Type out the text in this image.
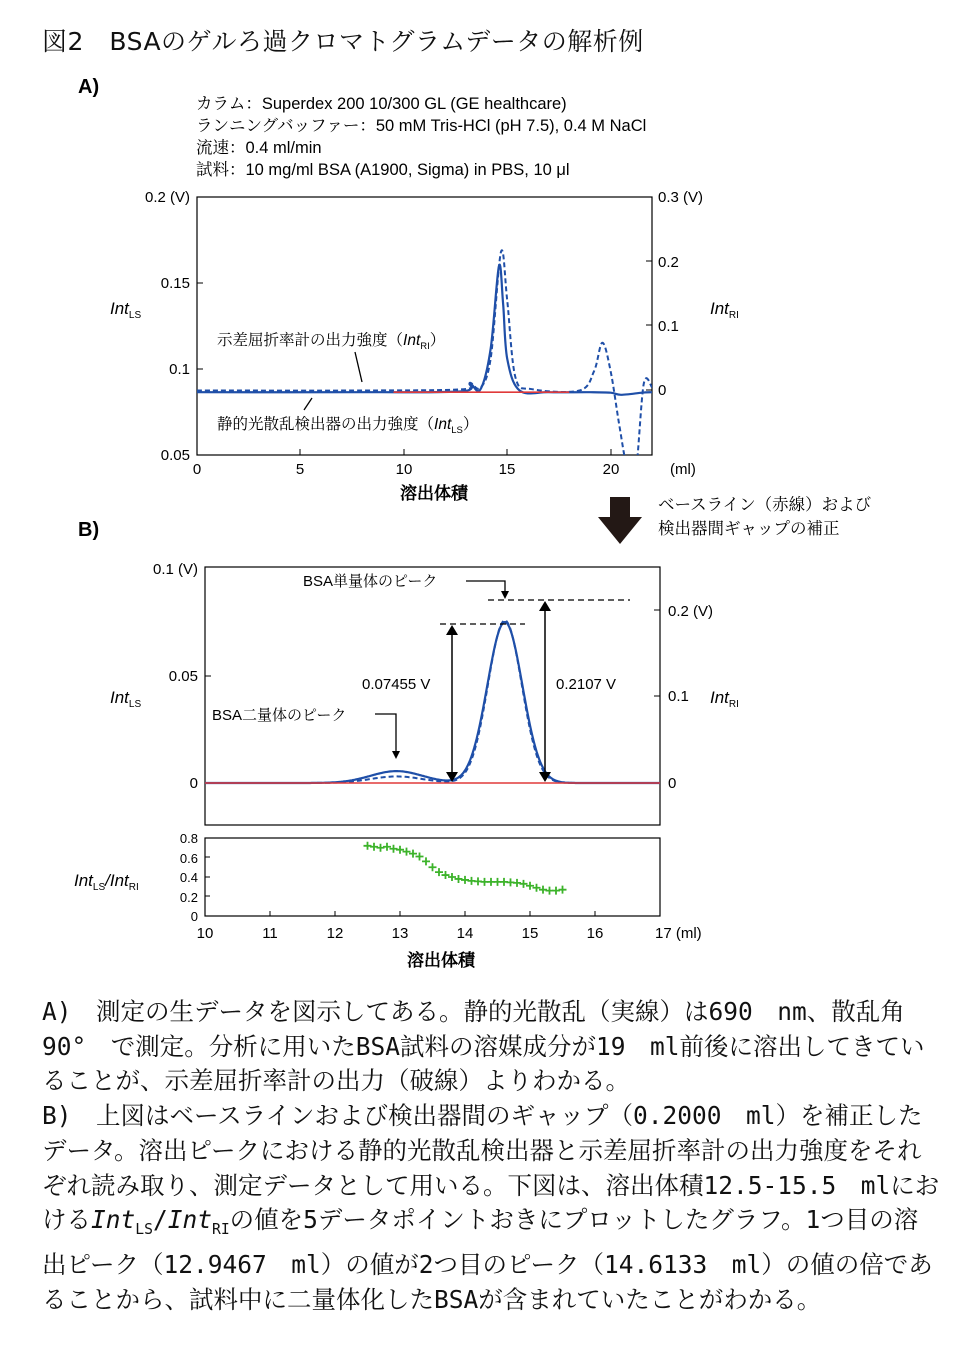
図2　BSAのゲルろ過クロマトグラムデータの解析例
A)
カラム：Superdex 200 10/300 GL (GE healthcare)
ランニングバッファー：50 mM Tris-HCl (pH 7.5), 0.4 M NaCl
流速：0.4 ml/min
試料：10 mg/ml BSA (A1900, Sigma) in PBS, 10 μl
0.2 (V)
0.15
0.1
0.05
0.3 (V)
0.2
0.1
0
0	5	10	15	20	(ml)
溶出体積
Int$_{LS}$	Int$_{RI}$
示差屈折率計の出力強度（Int$_{RI}$）
静的光散乱検出器の出力強度（Int$_{LS}$）
ベースライン（赤線）および
検出器間ギャップの補正
B)
0.1 (V)
0.05
0
0.2 (V)
0.1
0
Int$_{LS}$	Int$_{RI}$
BSA単量体のピーク
BSA二量体のピーク
0.07455 V	0.2107 V
0.8
0.6
0.4
0.2
0
10	11	12	13	14	15	16	17 (ml)
溶出体積
Int$_{LS}$/Int$_{RI}$

A)　測定の生データを図示してある。静的光散乱（実線）は690　nm、散乱角90°　で測定。分析に用いたBSA試料の溶媒成分が19　ml前後に溶出してきていることが、示差屈折率計の出力（破線）よりわかる。

B)　上図はベースラインおよび検出器間のギャップ（0.2000　ml）を補正したデータ。溶出ピークにおける静的光散乱検出器と示差屈折率計の出力強度をそれぞれ読み取り、測定データとして用いる。下図は、溶出体積12.5-15.5　mlにおけるInt$_{LS}$/Int$_{RI}$の値を5データポイントおきにプロットしたグラフ。1つ目の溶出ピーク（12.9467　ml）の値が2つ目のピーク（14.6133　ml）の値の倍であることから、試料中に二量体化したBSAが含まれていたことがわかる。
